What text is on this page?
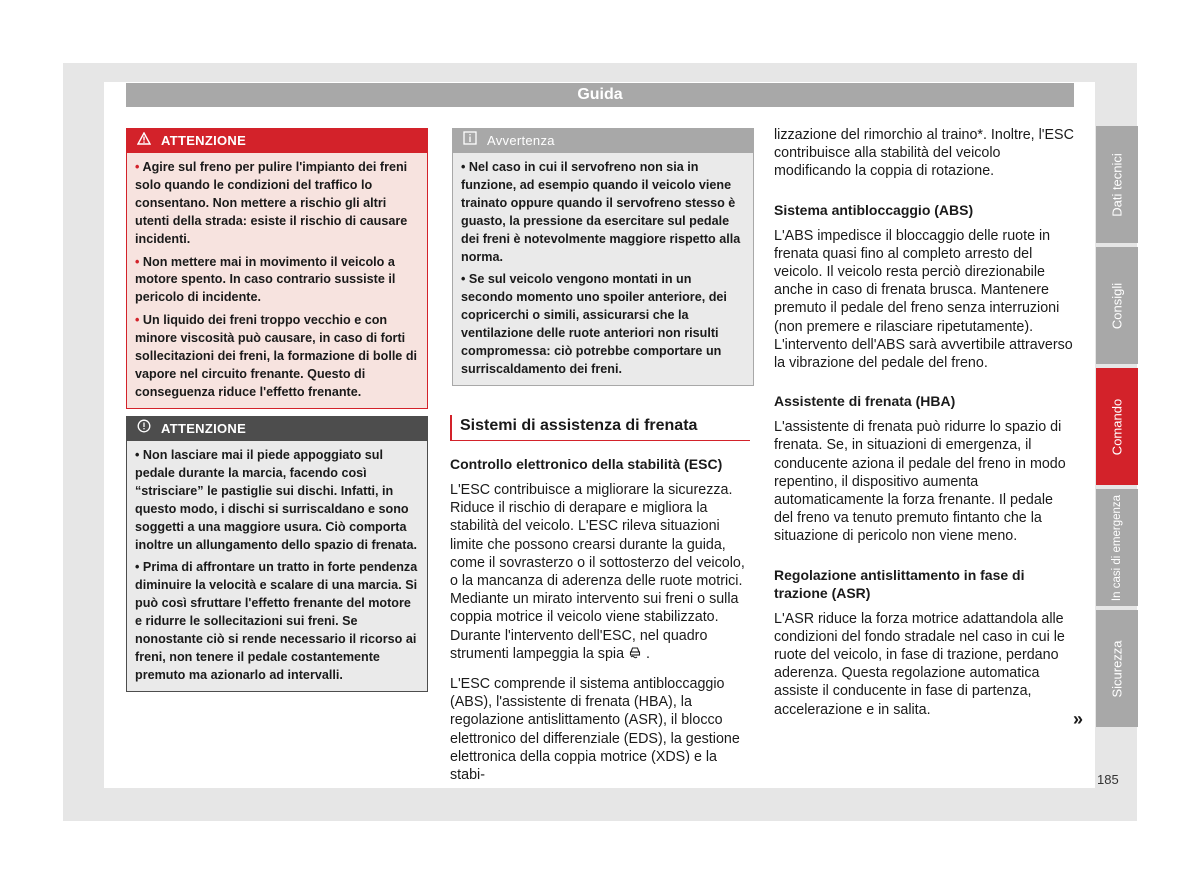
Guida
ATTENZIONE

• Agire sul freno per pulire l'impianto dei freni solo quando le condizioni del traffico lo consentano. Non mettere a rischio gli altri utenti della strada: esiste il rischio di causare incidenti.

• Non mettere mai in movimento il veicolo a motore spento. In caso contrario sussiste il pericolo di incidente.

• Un liquido dei freni troppo vecchio e con minore viscosità può causare, in caso di forti sollecitazioni dei freni, la formazione di bolle di vapore nel circuito frenante. Questo di conseguenza riduce l'effetto frenante.

ATTENZIONE

• Non lasciare mai il piede appoggiato sul pedale durante la marcia, facendo così “strisciare” le pastiglie sui dischi. Infatti, in questo modo, i dischi si surriscaldano e sono soggetti a una maggiore usura. Ciò comporta inoltre un allungamento dello spazio di frenata.

• Prima di affrontare un tratto in forte pendenza diminuire la velocità e scalare di una marcia. Si può così sfruttare l'effetto frenante del motore e ridurre le sollecitazioni sui freni. Se nonostante ciò si rende necessario il ricorso ai freni, non tenere il pedale costantemente premuto ma azionarlo ad intervalli.

Avvertenza

• Nel caso in cui il servofreno non sia in funzione, ad esempio quando il veicolo viene trainato oppure quando il servofreno stesso è guasto, la pressione da esercitare sul pedale dei freni è notevolmente maggiore rispetto alla norma.

• Se sul veicolo vengono montati in un secondo momento uno spoiler anteriore, dei copricerchi o simili, assicurarsi che la ventilazione delle ruote anteriori non risulti compromessa: ciò potrebbe comportare un surriscaldamento dei freni.

Sistemi di assistenza di frenata
Controllo elettronico della stabilità (ESC)

L'ESC contribuisce a migliorare la sicurezza. Riduce il rischio di derapare e migliora la stabilità del veicolo. L'ESC rileva situazioni limite che possono crearsi durante la guida, come il sovrasterzo o il sottosterzo del veicolo, o la mancanza di aderenza delle ruote motrici. Mediante un mirato intervento sui freni o sulla coppia motrice il veicolo viene stabilizzato. Durante l'intervento dell'ESC, nel quadro strumenti lampeggia la spia .

L'ESC comprende il sistema antibloccaggio (ABS), l'assistente di frenata (HBA), la regolazione antislittamento (ASR), il blocco elettronico del differenziale (EDS), la gestione elettronica della coppia motrice (XDS) e la stabi-

lizzazione del rimorchio al traino*. Inoltre, l'ESC contribuisce alla stabilità del veicolo modificando la coppia di rotazione.

Sistema antibloccaggio (ABS)

L'ABS impedisce il bloccaggio delle ruote in frenata quasi fino al completo arresto del veicolo. Il veicolo resta perciò direzionabile anche in caso di frenata brusca. Mantenere premuto il pedale del freno senza interruzioni (non premere e rilasciare ripetutamente). L'intervento dell'ABS sarà avvertibile attraverso la vibrazione del pedale del freno.

Assistente di frenata (HBA)

L'assistente di frenata può ridurre lo spazio di frenata. Se, in situazioni di emergenza, il conducente aziona il pedale del freno in modo repentino, il dispositivo aumenta automaticamente la forza frenante. Il pedale del freno va tenuto premuto fintanto che la situazione di pericolo non viene meno.

Regolazione antislittamento in fase di trazione (ASR)

L'ASR riduce la forza motrice adattandola alle condizioni del fondo stradale nel caso in cui le ruote del veicolo, in fase di trazione, perdano aderenza. Questa regolazione automatica assiste il conducente in fase di partenza, accelerazione e in salita.	»
Dati tecnici
Consigli
Comando
In casi di emergenza
Sicurezza
185
